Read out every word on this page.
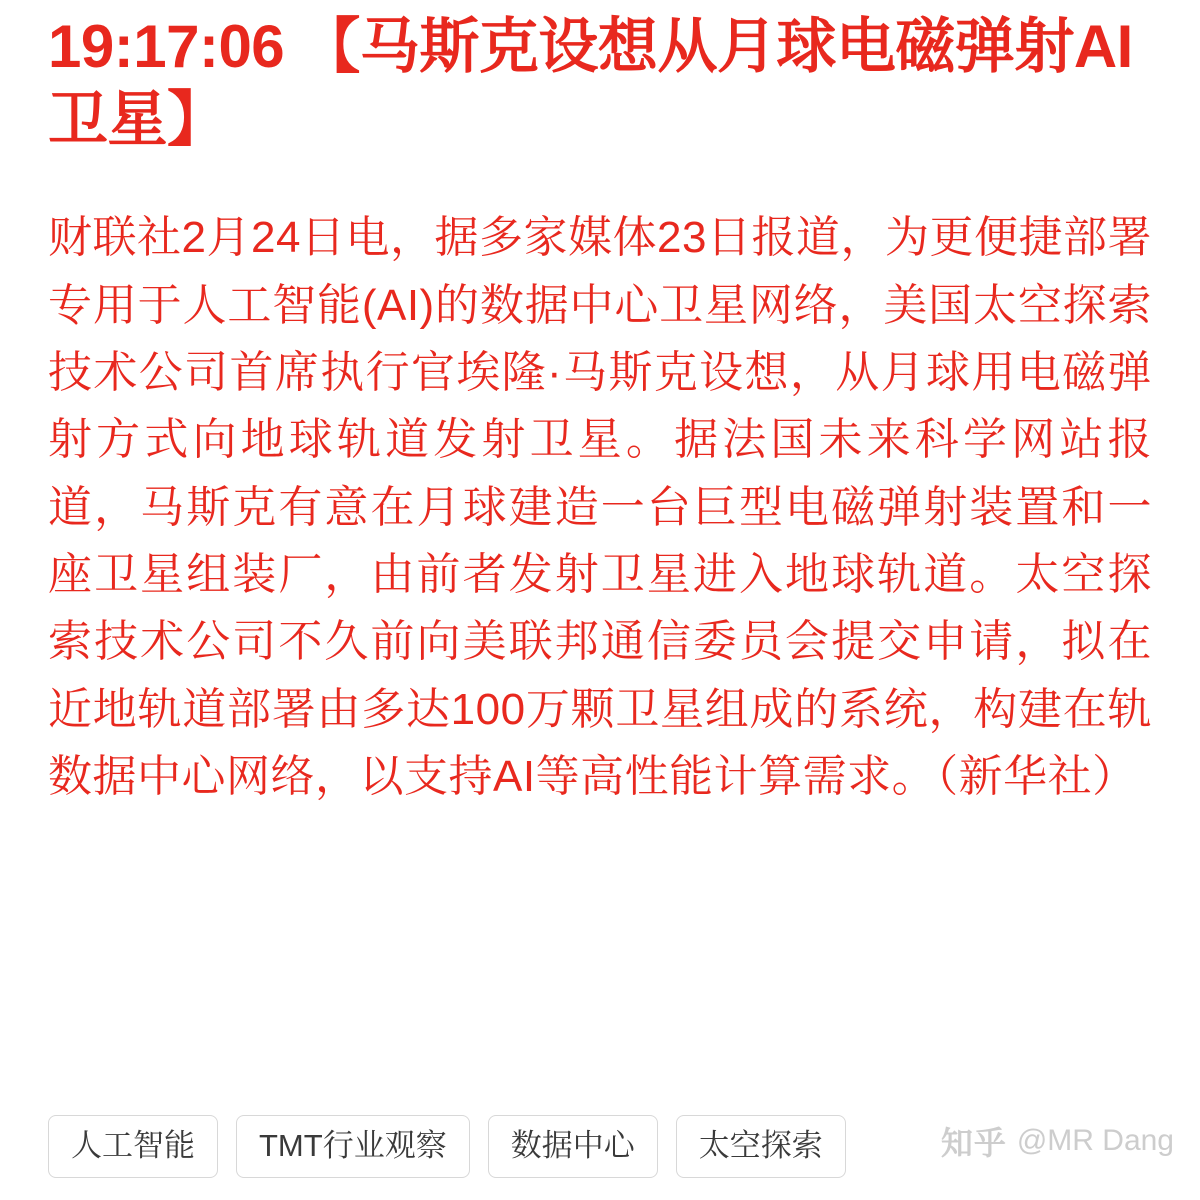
19:17:06 【马斯克设想从月球电磁弹射AI卫星】

财联社2月24日电，据多家媒体23日报道，为更便捷部署专用于人工智能(AI)的数据中心卫星网络，美国太空探索技术公司首席执行官埃隆·马斯克设想，从月球用电磁弹射方式向地球轨道发射卫星。据法国未来科学网站报道，马斯克有意在月球建造一台巨型电磁弹射装置和一座卫星组装厂，由前者发射卫星进入地球轨道。太空探索技术公司不久前向美联邦通信委员会提交申请，拟在近地轨道部署由多达100万颗卫星组成的系统，构建在轨数据中心网络，以支持AI等高性能计算需求。（新华社）

人工智能	TMT行业观察	数据中心	太空探索	知乎 @MR Dang
